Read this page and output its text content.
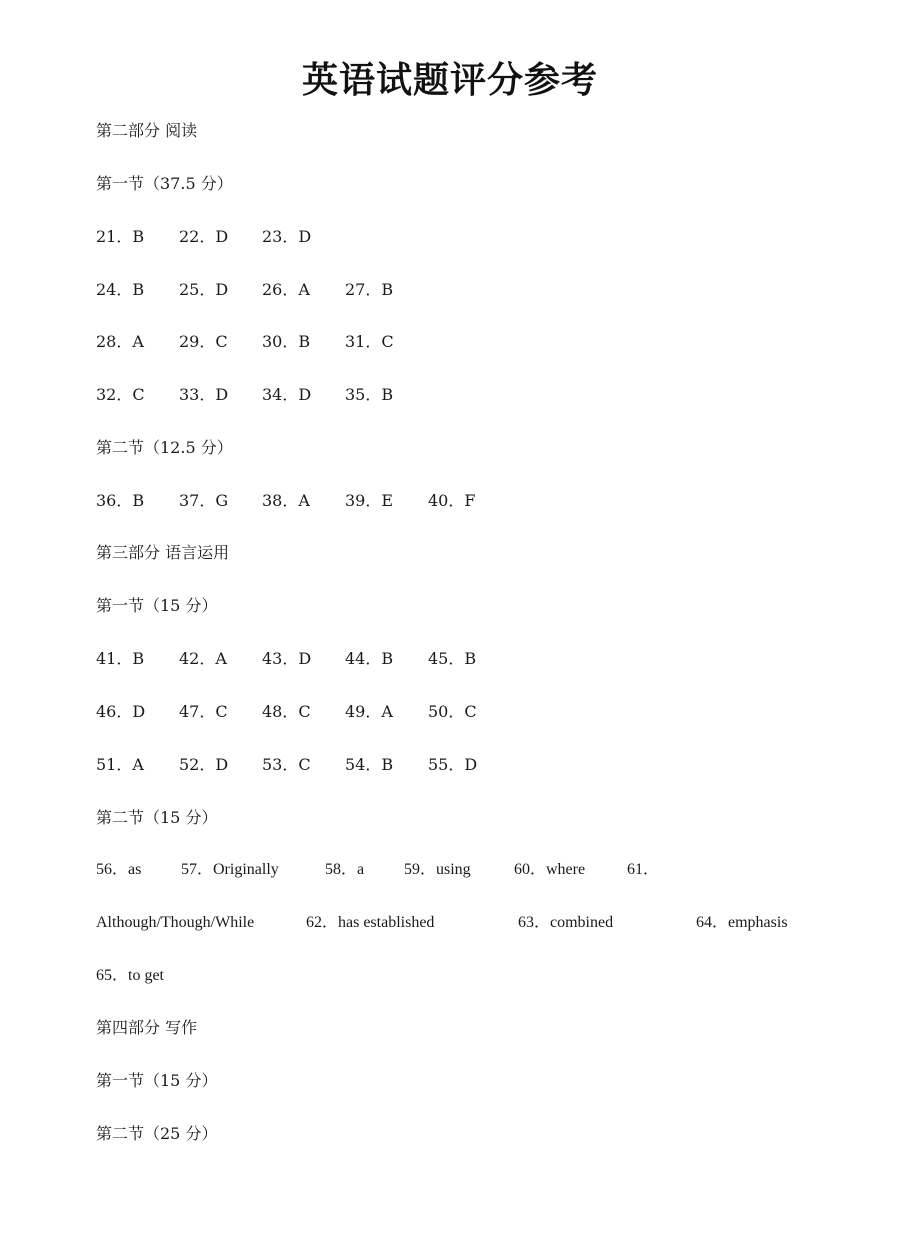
英语试题评分参考
第二部分 阅读
第一节（37.5 分）
21．B 22．D 23．D
24．B 25．D 26．A 27．B
28．A 29．C 30．B 31．C
32．C 33．D 34．D 35．B
第二节（12.5 分）
36．B 37．G 38．A 39．E 40．F
第三部分 语言运用
第一节（15 分）
41．B 42．A 43．D 44．B 45．B
46．D 47．C 48．C 49．A 50．C
51．A 52．D 53．C 54．B 55．D
第二节（15 分）
56．as 57．Originally	58．a 59．using	60．where	61．
Although/Though/While	62．has established	63．combined	64．emphasis
65．to get
第四部分 写作
第一节（15 分）
第二节（25 分）
